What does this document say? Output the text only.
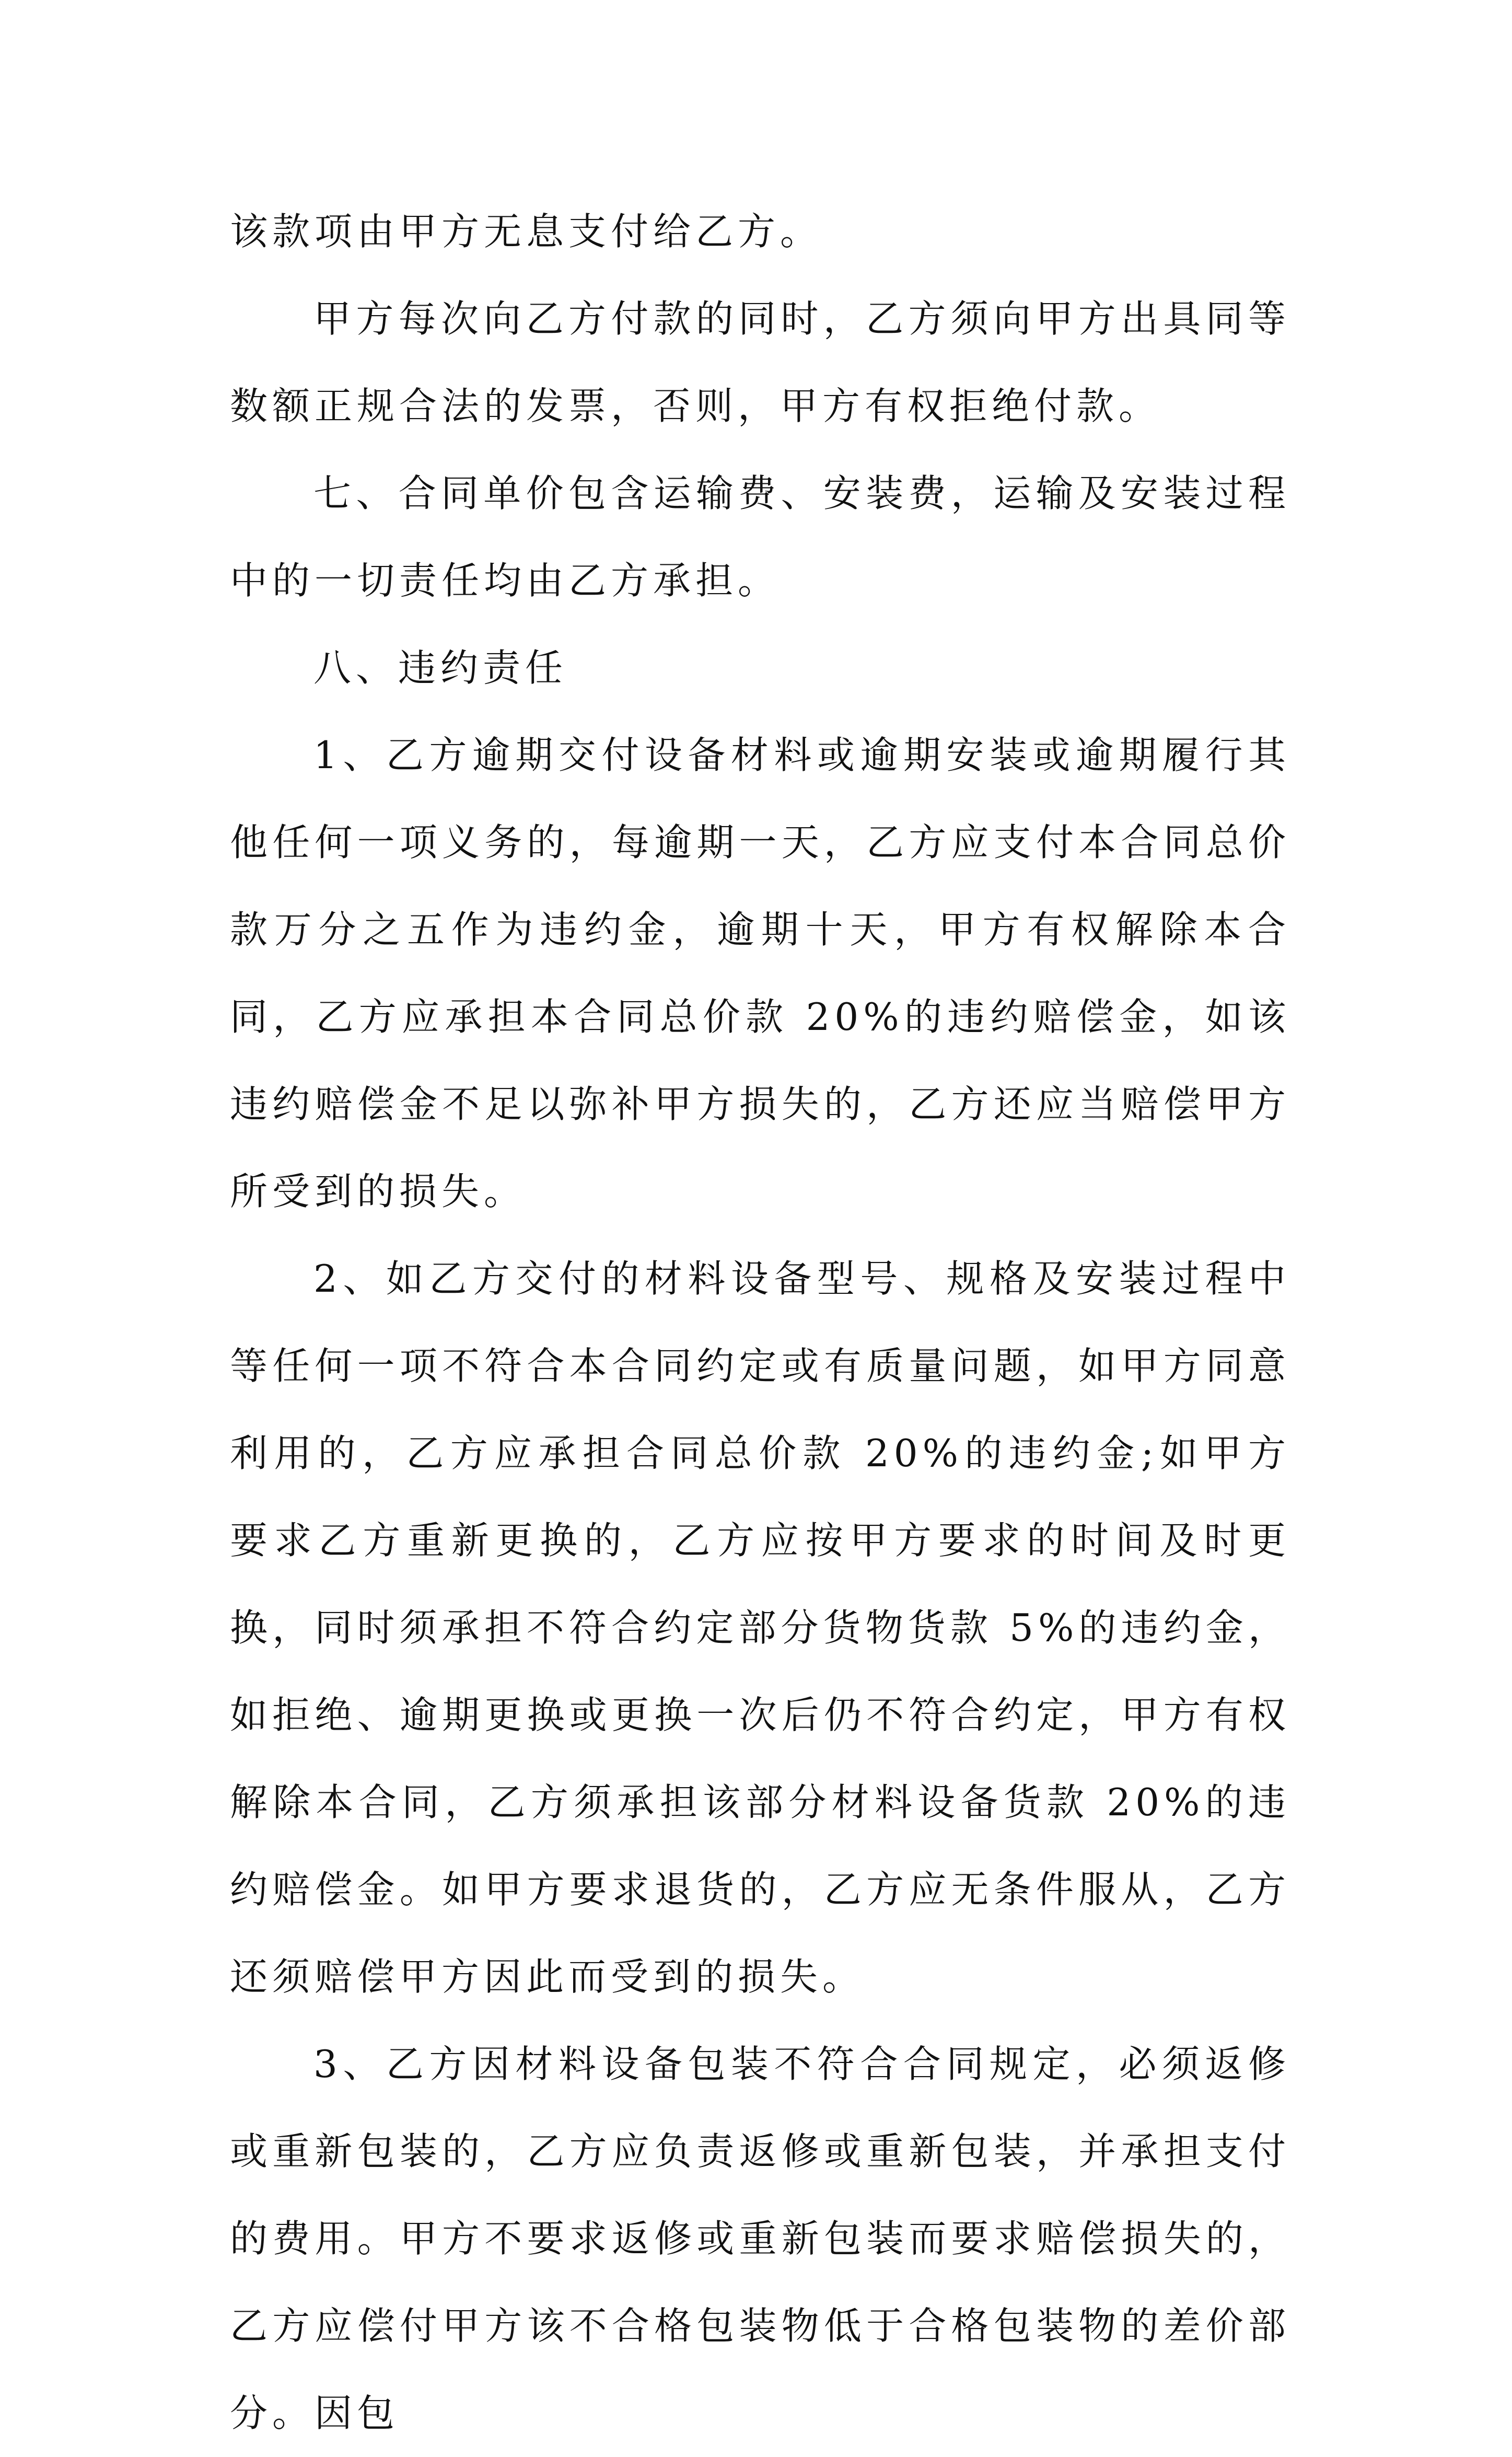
该款项由甲方无息支付给乙方。

甲方每次向乙方付款的同时，乙方须向甲方出具同等数额正规合法的发票，否则，甲方有权拒绝付款。

七、合同单价包含运输费、安装费，运输及安装过程中的一切责任均由乙方承担。

八、违约责任

1、乙方逾期交付设备材料或逾期安装或逾期履行其他任何一项义务的，每逾期一天，乙方应支付本合同总价款万分之五作为违约金，逾期十天，甲方有权解除本合同，乙方应承担本合同总价款 20%的违约赔偿金，如该违约赔偿金不足以弥补甲方损失的，乙方还应当赔偿甲方所受到的损失。

2、如乙方交付的材料设备型号、规格及安装过程中等任何一项不符合本合同约定或有质量问题，如甲方同意利用的，乙方应承担合同总价款 20%的违约金;如甲方要求乙方重新更换的，乙方应按甲方要求的时间及时更换，同时须承担不符合约定部分货物货款 5%的违约金，如拒绝、逾期更换或更换一次后仍不符合约定，甲方有权解除本合同，乙方须承担该部分材料设备货款 20%的违约赔偿金。如甲方要求退货的，乙方应无条件服从，乙方还须赔偿甲方因此而受到的损失。

3、乙方因材料设备包装不符合合同规定，必须返修或重新包装的，乙方应负责返修或重新包装，并承担支付的费用。甲方不要求返修或重新包装而要求赔偿损失的，乙方应偿付甲方该不合格包装物低于合格包装物的差价部分。因包
